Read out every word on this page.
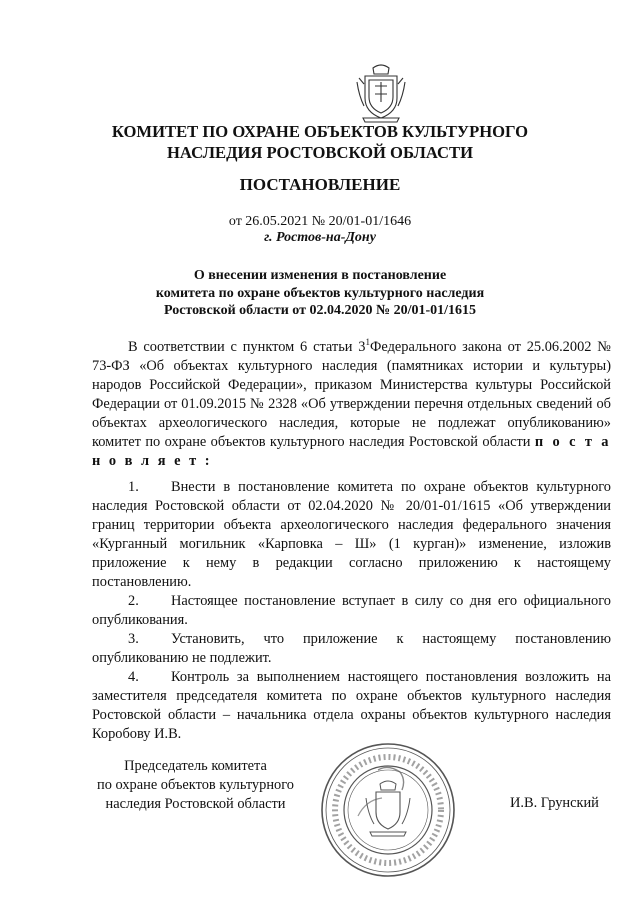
КОМИТЕТ ПО ОХРАНЕ ОБЪЕКТОВ КУЛЬТУРНОГО
НАСЛЕДИЯ РОСТОВСКОЙ ОБЛАСТИ
ПОСТАНОВЛЕНИЕ
от 26.05.2021 № 20/01-01/1646
г. Ростов-на-Дону
О внесении изменения в постановление
комитета по охране объектов культурного наследия
Ростовской области от 02.04.2020 № 20/01-01/1615

В соответствии с пунктом 6 статьи $3^1Федерального$ закона от 25.06.2002 № 73-ФЗ «Об объектах культурного наследия (памятниках истории и культуры) народов Российской Федерации», приказом Министерства культуры Российской Федерации от 01.09.2015 № 2328 «Об утверждении перечня отдельных сведений об объектах археологического наследия, которые не подлежат опубликованию» комитет по охране объектов культурного наследия Ростовской области п о с т а н о в л я е т :

1. Внести в постановление комитета по охране объектов культурного наследия Ростовской области от 02.04.2020 № 20/01-01/1615 «Об утверждении границ территории объекта археологического наследия федерального значения «Курганный могильник «Карповка – Ш» (1 курган)» изменение, изложив приложение к нему в редакции согласно приложению к настоящему постановлению.

2. Настоящее постановление вступает в силу со дня его официального опубликования.

3. Установить, что приложение к настоящему постановлению опубликованию не подлежит.

4. Контроль за выполнением настоящего постановления возложить на заместителя председателя комитета по охране объектов культурного наследия Ростовской области – начальника отдела охраны объектов культурного наследия Коробову И.В.

Председатель комитета
по охране объектов культурного
наследия Ростовской области	И.В. Грунский
